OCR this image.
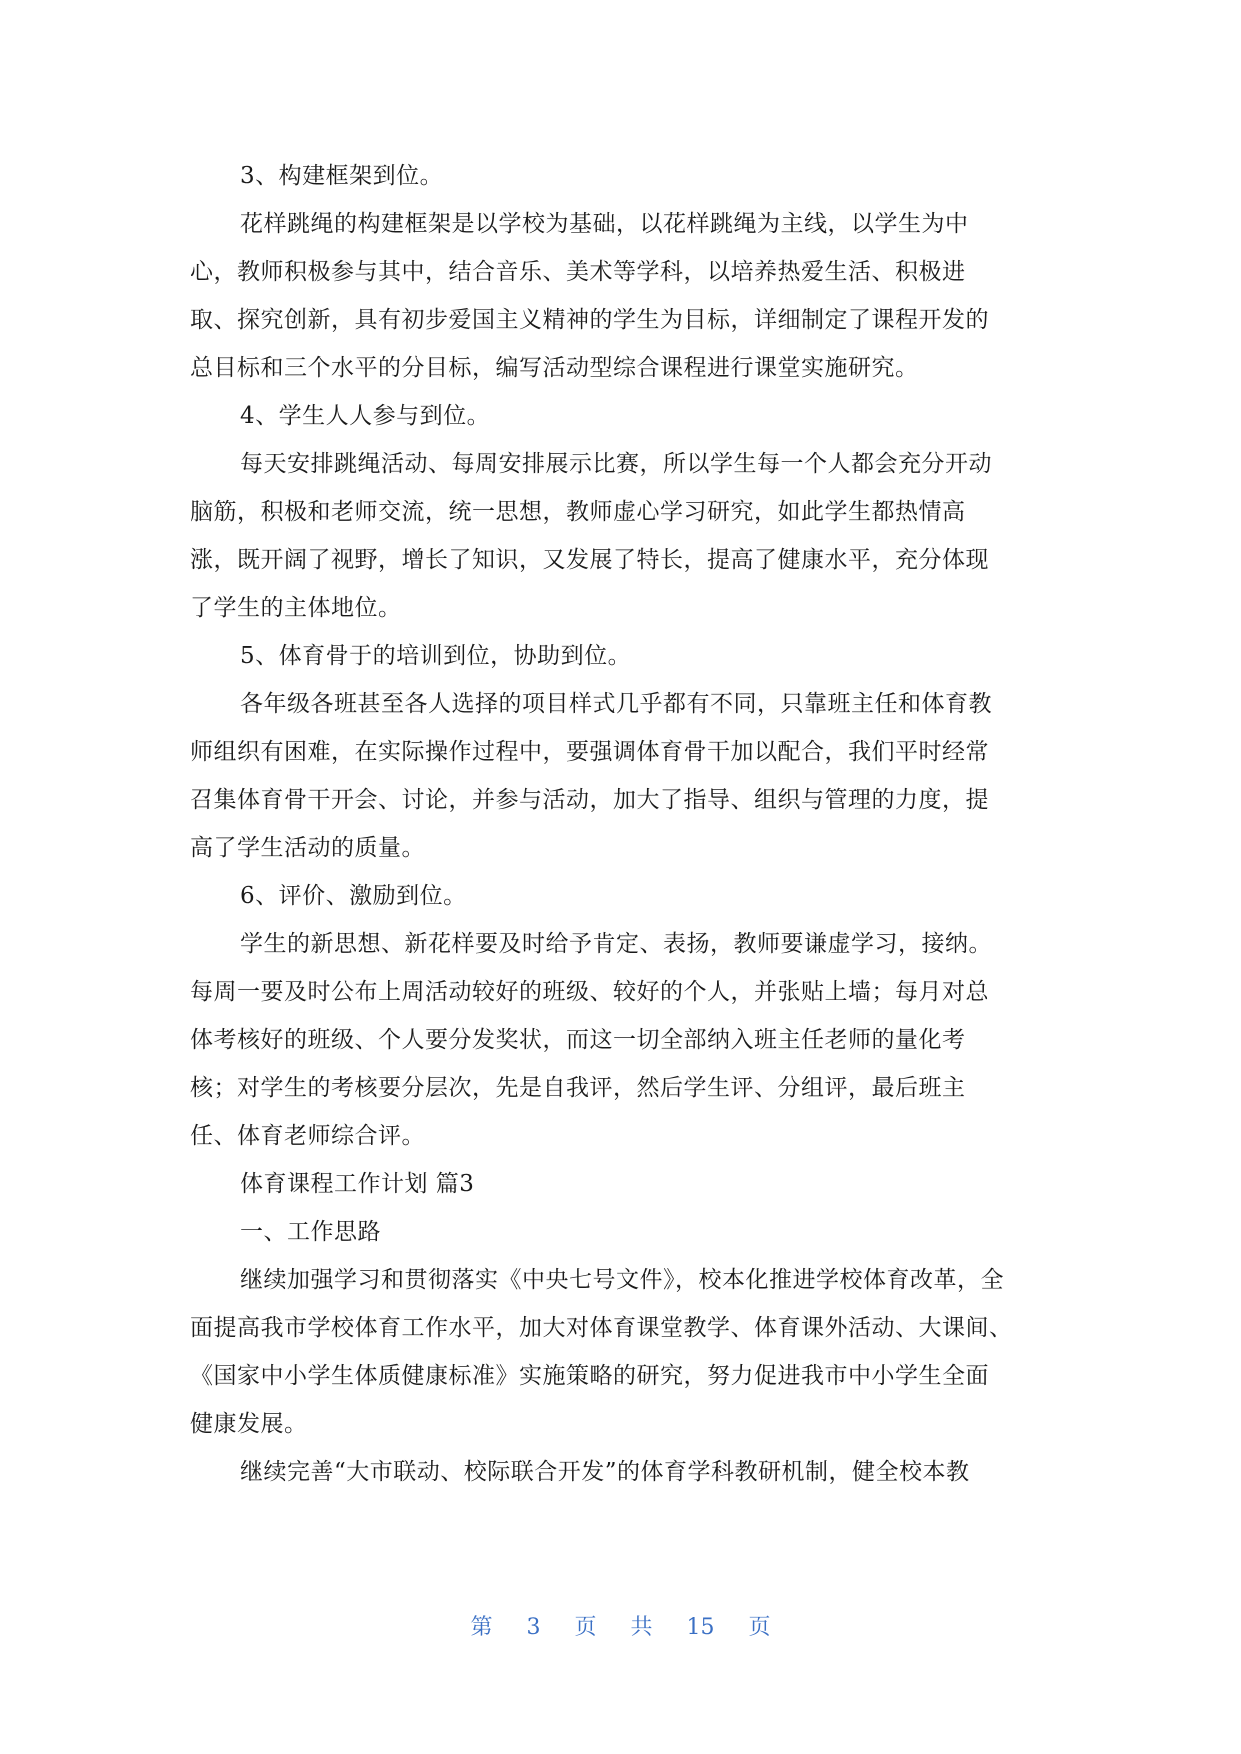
3、构建框架到位。
花样跳绳的构建框架是以学校为基础，以花样跳绳为主线，以学生为中
心，教师积极参与其中，结合音乐、美术等学科，以培养热爱生活、积极进
取、探究创新，具有初步爱国主义精神的学生为目标，详细制定了课程开发的
总目标和三个水平的分目标，编写活动型综合课程进行课堂实施研究。
4、学生人人参与到位。
每天安排跳绳活动、每周安排展示比赛，所以学生每一个人都会充分开动
脑筋，积极和老师交流，统一思想，教师虚心学习研究，如此学生都热情高
涨，既开阔了视野，增长了知识，又发展了特长，提高了健康水平，充分体现
了学生的主体地位。
5、体育骨于的培训到位，协助到位。
各年级各班甚至各人选择的项目样式几乎都有不同，只靠班主任和体育教
师组织有困难，在实际操作过程中，要强调体育骨干加以配合，我们平时经常
召集体育骨干开会、讨论，并参与活动，加大了指导、组织与管理的力度，提
高了学生活动的质量。
6、评价、激励到位。
学生的新思想、新花样要及时给予肯定、表扬，教师要谦虚学习，接纳。
每周一要及时公布上周活动较好的班级、较好的个人，并张贴上墙；每月对总
体考核好的班级、个人要分发奖状，而这一切全部纳入班主任老师的量化考
核；对学生的考核要分层次，先是自我评，然后学生评、分组评，最后班主
任、体育老师综合评。
体育课程工作计划 篇3
一、工作思路
继续加强学习和贯彻落实《中央七号文件》，校本化推进学校体育改革，全
面提高我市学校体育工作水平，加大对体育课堂教学、体育课外活动、大课间、
《国家中小学生体质健康标准》实施策略的研究，努力促进我市中小学生全面
健康发展。
继续完善“大市联动、校际联合开发”的体育学科教研机制，健全校本教
第 3 页 共 15 页
